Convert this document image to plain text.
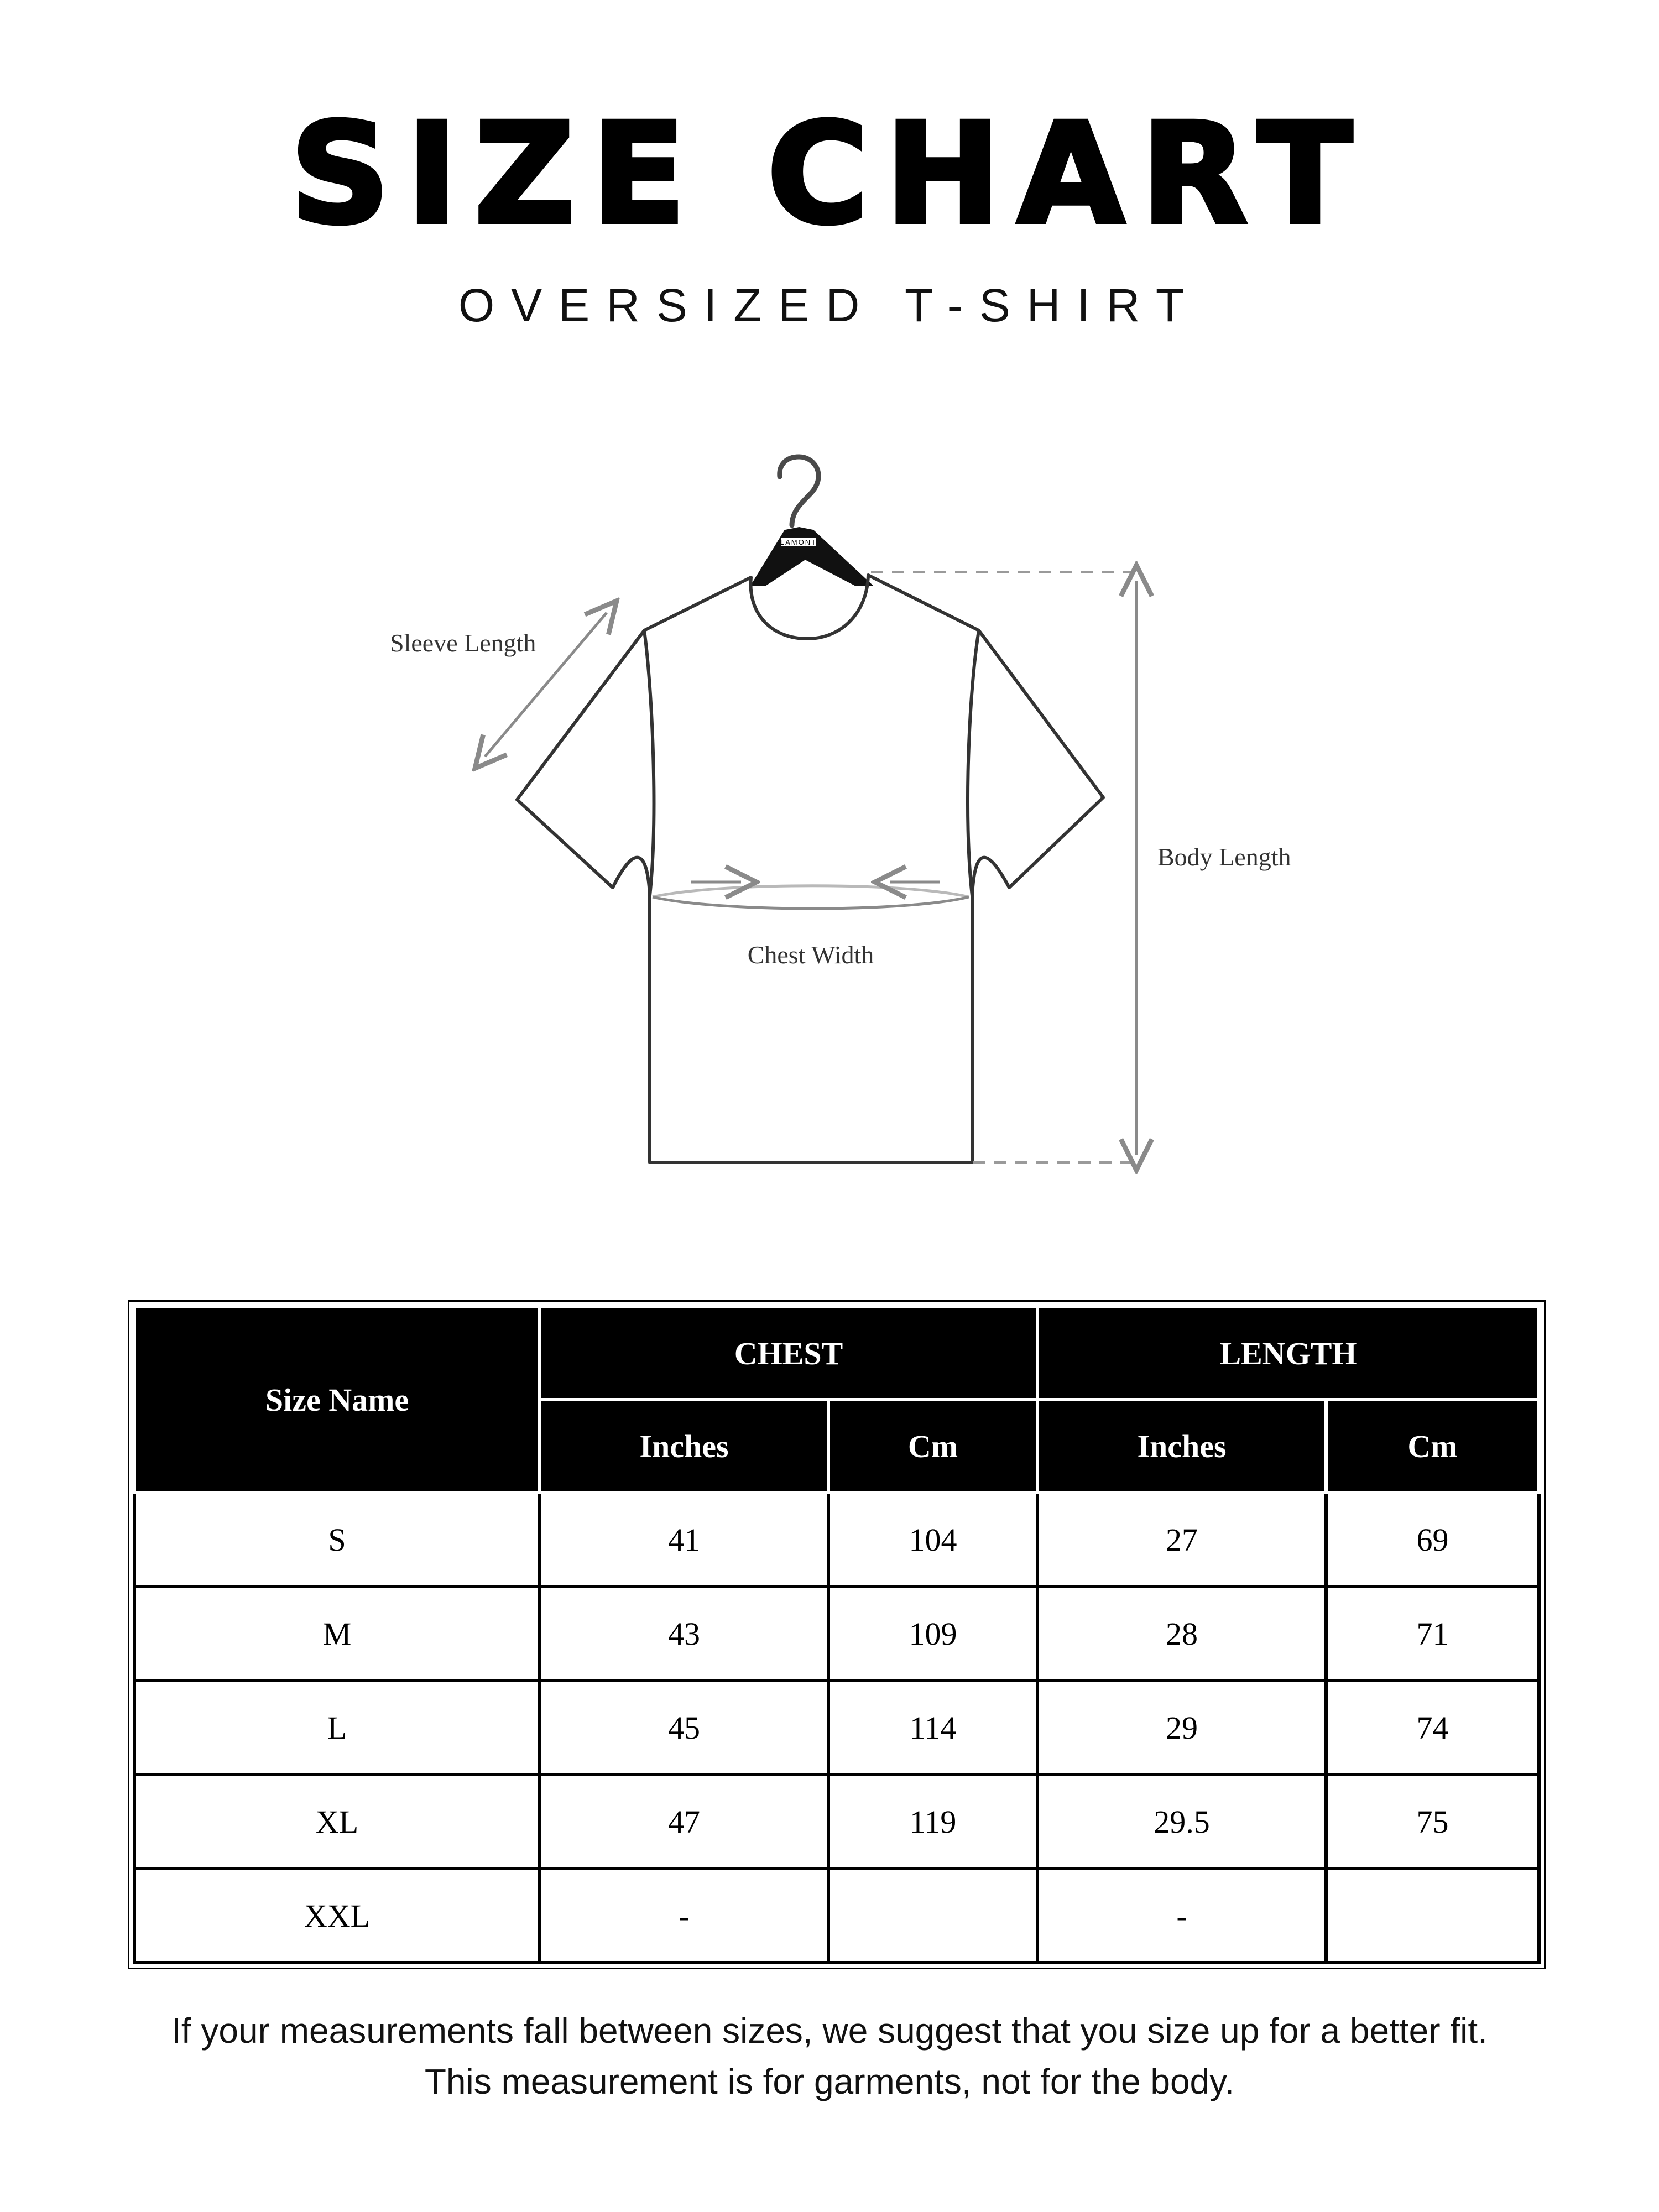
SIZE CHART
OVERSIZED T-SHIRT
LAMONT
Chest Width
Sleeve Length
Body Length
Size Name	CHEST		LENGTH	
	Inches	Cm	Inches	Cm
S	41	104	27	69
M	43	109	28	71
L	45	114	29	74
XL	47	119	29.5	75
XXL	-		-	
If your measurements fall between sizes, we suggest that you size up for a better fit.
This measurement is for garments, not for the body.
